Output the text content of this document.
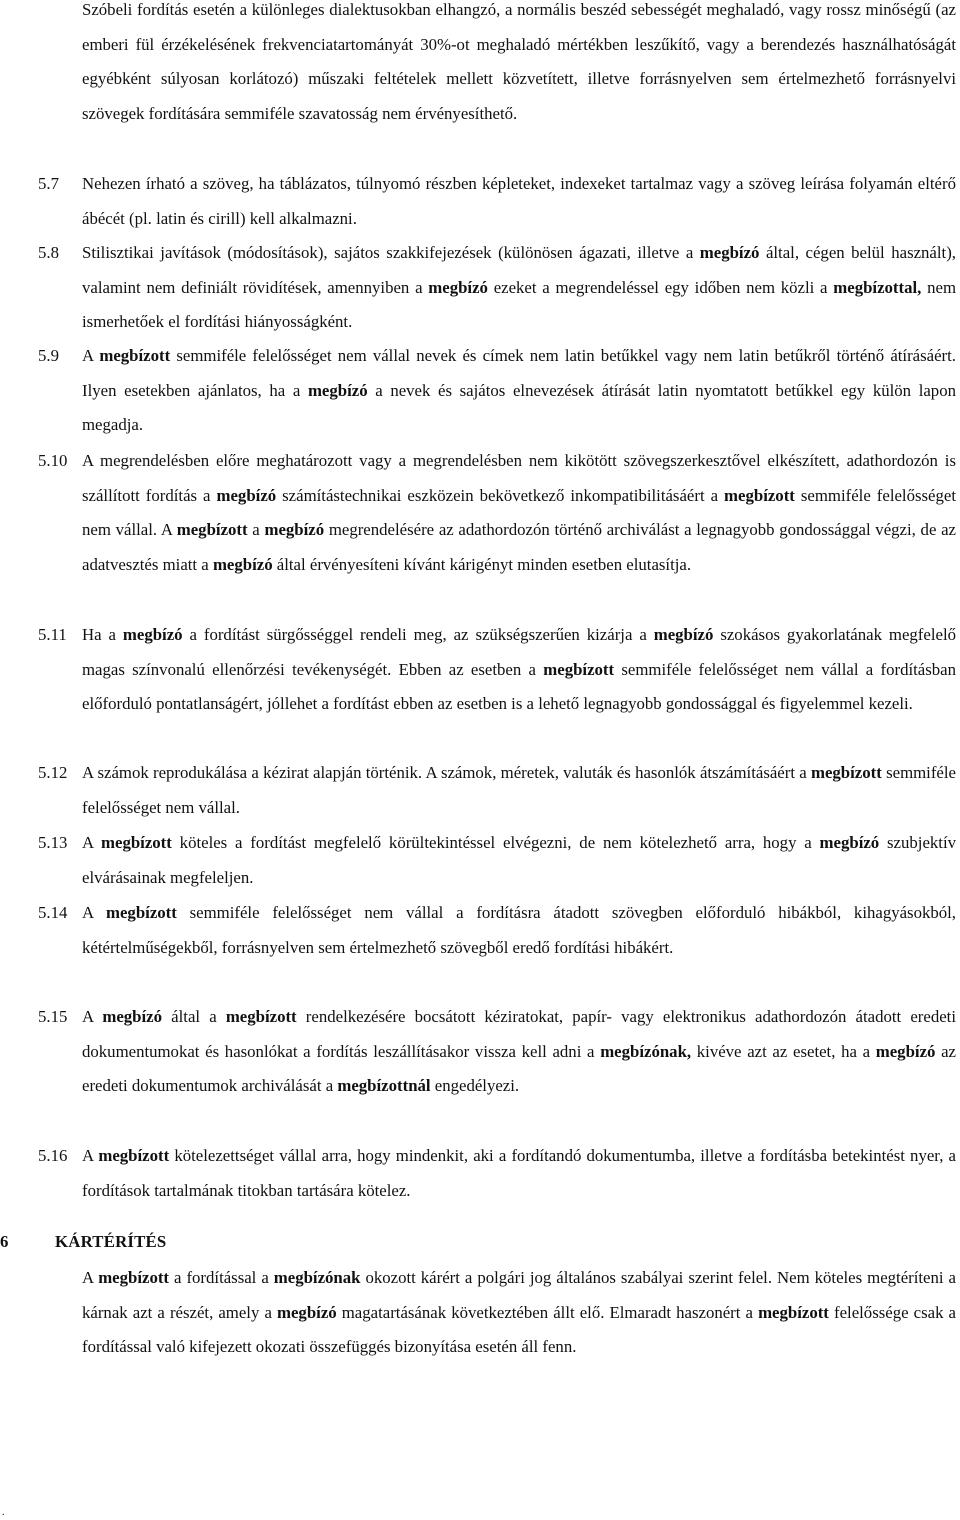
Szóbeli fordítás esetén a különleges dialektusokban elhangzó, a normális beszéd sebességét meghaladó, vagy rossz minőségű (az emberi fül érzékelésének frekvenciatartományát 30%-ot meghaladó mértékben leszűkítő, vagy a berendezés használhatóságát egyébként súlyosan korlátozó) műszaki feltételek mellett közvetített, illetve forrásnyelven sem értelmezhető forrásnyelvi szövegek fordítására semmiféle szavatosság nem érvényesíthető.

5.7 Nehezen írható a szöveg, ha táblázatos, túlnyomó részben képleteket, indexeket tartalmaz vagy a szöveg leírása folyamán eltérő ábécét (pl. latin és cirill) kell alkalmazni.

5.8 Stilisztikai javítások (módosítások), sajátos szakkifejezések (különösen ágazati, illetve a megbízó által, cégen belül használt), valamint nem definiált rövidítések, amennyiben a megbízó ezeket a megrendeléssel egy időben nem közli a megbízottal, nem ismerhetőek el fordítási hiányosságként.

5.9 A megbízott semmiféle felelősséget nem vállal nevek és címek nem latin betűkkel vagy nem latin betűkről történő átírásáért. Ilyen esetekben ajánlatos, ha a megbízó a nevek és sajátos elnevezések átírását latin nyomtatott betűkkel egy külön lapon megadja.

5.10 A megrendelésben előre meghatározott vagy a megrendelésben nem kikötött szövegszerkesztővel elkészített, adathordozón is szállított fordítás a megbízó számítástechnikai eszközein bekövetkező inkompatibilitásáért a megbízott semmiféle felelősséget nem vállal. A megbízott a megbízó megrendelésére az adathordozón történő archiválást a legnagyobb gondossággal végzi, de az adatvesztés miatt a megbízó által érvényesíteni kívánt kárigényt minden esetben elutasítja.

5.11 Ha a megbízó a fordítást sürgősséggel rendeli meg, az szükségszerűen kizárja a megbízó szokásos gyakorlatának megfelelő magas színvonalú ellenőrzési tevékenységét. Ebben az esetben a megbízott semmiféle felelősséget nem vállal a fordításban előforduló pontatlanságért, jóllehet a fordítást ebben az esetben is a lehető legnagyobb gondossággal és figyelemmel kezeli.

5.12 A számok reprodukálása a kézirat alapján történik. A számok, méretek, valuták és hasonlók átszámításáért a megbízott semmiféle felelősséget nem vállal.

5.13 A megbízott köteles a fordítást megfelelő körültekintéssel elvégezni, de nem kötelezhető arra, hogy a megbízó szubjektív elvárásainak megfeleljen.

5.14 A megbízott semmiféle felelősséget nem vállal a fordításra átadott szövegben előforduló hibákból, kihagyásokból, kétértelműségekből, forrásnyelven sem értelmezhető szövegből eredő fordítási hibákért.

5.15 A megbízó által a megbízott rendelkezésére bocsátott kéziratokat, papír- vagy elektronikus adathordozón átadott eredeti dokumentumokat és hasonlókat a fordítás leszállításakor vissza kell adni a megbízónak, kivéve azt az esetet, ha a megbízó az eredeti dokumentumok archiválását a megbízottnál engedélyezi.

5.16 A megbízott kötelezettséget vállal arra, hogy mindenkit, aki a fordítandó dokumentumba, illetve a fordításba betekintést nyer, a fordítások tartalmának titokban tartására kötelez.

6	KÁRTÉRÍTÉS

A megbízott a fordítással a megbízónak okozott kárért a polgári jog általános szabályai szerint felel. Nem köteles megtéríteni a kárnak azt a részét, amely a megbízó magatartásának következtében állt elő. Elmaradt haszonért a megbízott felelőssége csak a fordítással való kifejezett okozati összefüggés bizonyítása esetén áll fenn.

.
